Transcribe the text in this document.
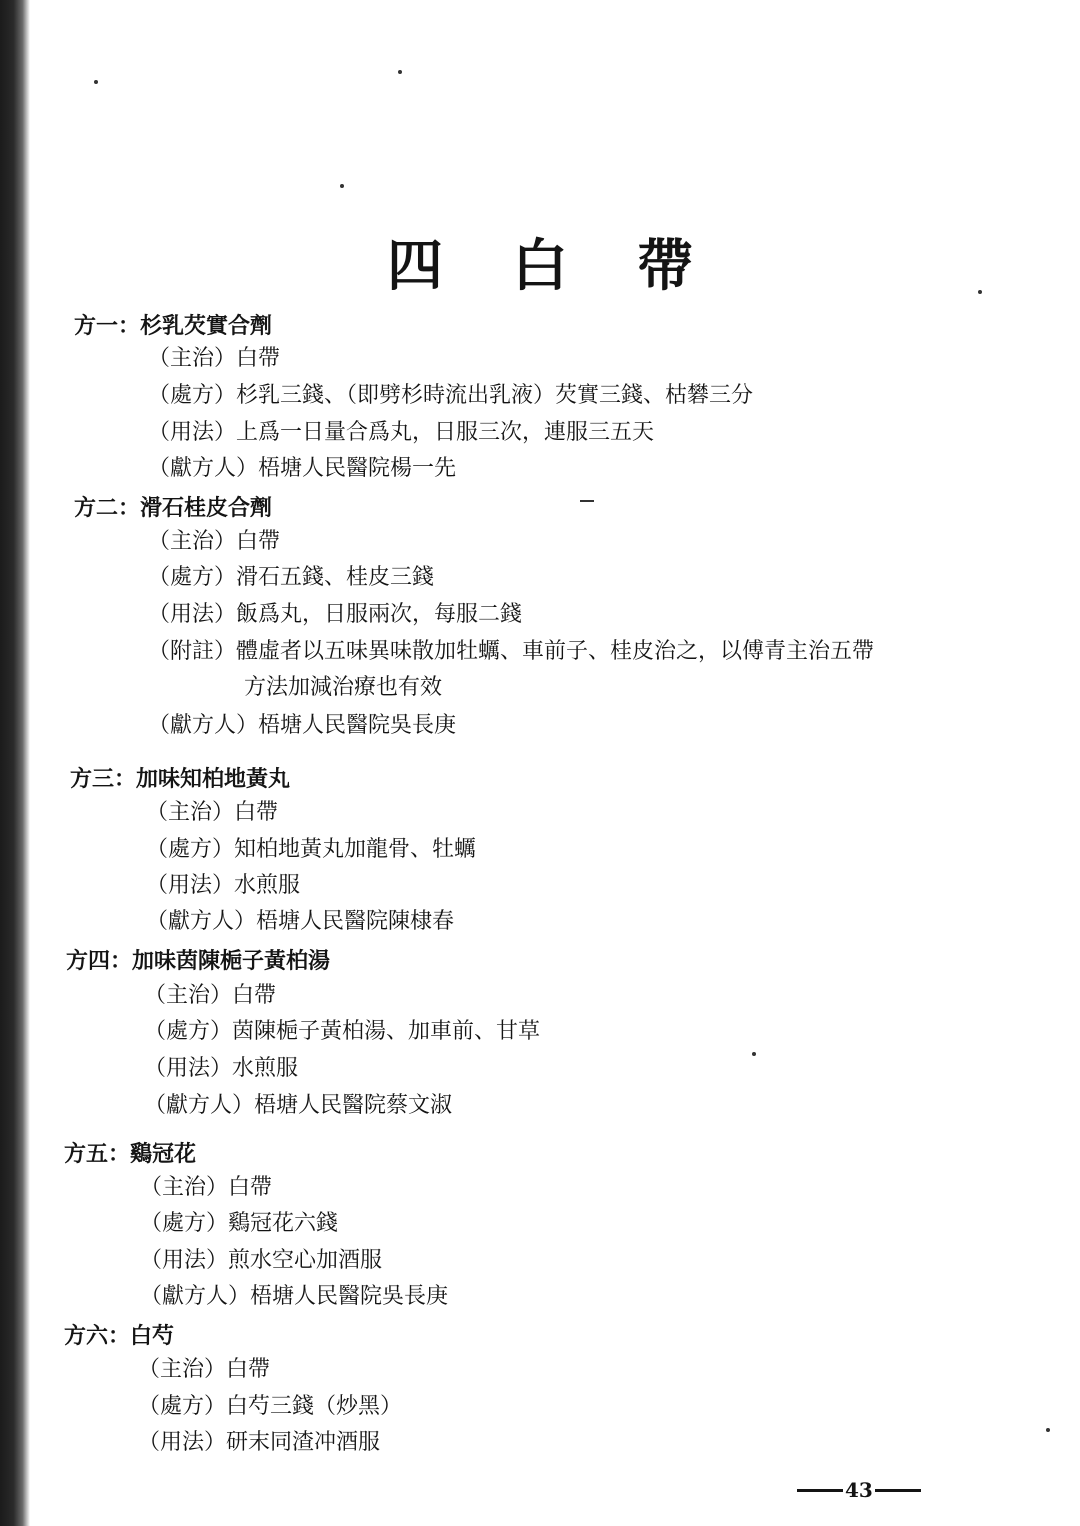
四 白 帶
方一：杉乳芡實合劑
（主治）白帶
（處方）杉乳三錢、（即劈杉時流出乳液）芡實三錢、枯礬三分
（用法）上爲一日量合爲丸，日服三次，連服三五天
（獻方人）梧塘人民醫院楊一先
方二：滑石桂皮合劑
（主治）白帶
（處方）滑石五錢、桂皮三錢
（用法）飯爲丸，日服兩次，每服二錢
（附註）體虛者以五味異味散加牡蠣、車前子、桂皮治之，以傅青主治五帶
方法加減治療也有效
（獻方人）梧塘人民醫院吳長庚
方三：加味知柏地黃丸
（主治）白帶
（處方）知柏地黃丸加龍骨、牡蠣
（用法）水煎服
（獻方人）梧塘人民醫院陳棣春
方四：加味茵陳梔子黃柏湯
（主治）白帶
（處方）茵陳梔子黃柏湯、加車前、甘草
（用法）水煎服
（獻方人）梧塘人民醫院蔡文淑
方五：鷄冠花
（主治）白帶
（處方）鷄冠花六錢
（用法）煎水空心加酒服
（獻方人）梧塘人民醫院吳長庚
方六：白芍
（主治）白帶
（處方）白芍三錢（炒黑）
（用法）研末同渣冲酒服
43
